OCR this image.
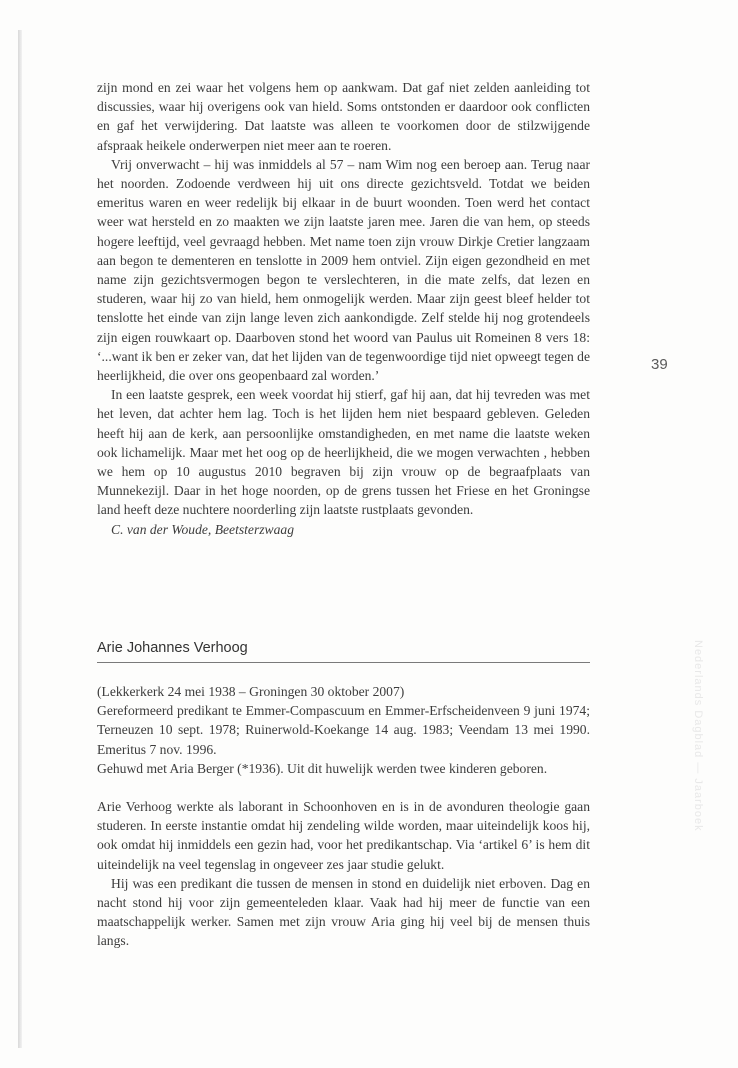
Nederlands Dagblad — Jaarboek
39

zijn mond en zei waar het volgens hem op aankwam. Dat gaf niet zelden aanleiding tot discussies, waar hij overigens ook van hield. Soms ontstonden er daardoor ook conflicten en gaf het verwijdering. Dat laatste was alleen te voorkomen door de stilzwijgende afspraak heikele onderwerpen niet meer aan te roeren.

Vrij onverwacht – hij was inmiddels al 57 – nam Wim nog een beroep aan. Terug naar het noorden. Zodoende verdween hij uit ons directe gezichtsveld. Totdat we beiden emeritus waren en weer redelijk bij elkaar in de buurt woonden. Toen werd het contact weer wat hersteld en zo maakten we zijn laatste jaren mee. Jaren die van hem, op steeds hogere leeftijd, veel gevraagd hebben. Met name toen zijn vrouw Dirkje Cretier langzaam aan begon te dementeren en tenslotte in 2009 hem ontviel. Zijn eigen gezondheid en met name zijn gezichtsvermogen begon te verslechteren, in die mate zelfs, dat lezen en studeren, waar hij zo van hield, hem onmogelijk werden. Maar zijn geest bleef helder tot tenslotte het einde van zijn lange leven zich aankondigde. Zelf stelde hij nog grotendeels zijn eigen rouwkaart op. Daarboven stond het woord van Paulus uit Romeinen 8 vers 18: ‘...want ik ben er zeker van, dat het lijden van de tegenwoordige tijd niet opweegt tegen de heerlijkheid, die over ons geopenbaard zal worden.’

In een laatste gesprek, een week voordat hij stierf, gaf hij aan, dat hij tevreden was met het leven, dat achter hem lag. Toch is het lijden hem niet bespaard gebleven. Geleden heeft hij aan de kerk, aan persoonlijke omstandigheden, en met name die laatste weken ook lichamelijk. Maar met het oog op de heerlijkheid, die we mogen verwachten , hebben we hem op 10 augustus 2010 begraven bij zijn vrouw op de begraafplaats van Munnekezijl. Daar in het hoge noorden, op de grens tussen het Friese en het Groningse land heeft deze nuchtere noorderling zijn laatste rustplaats gevonden.

C. van der Woude, Beetsterzwaag

Arie Johannes Verhoog

(Lekkerkerk 24 mei 1938 – Groningen 30 oktober 2007)

Gereformeerd predikant te Emmer-Compascuum en Emmer-Erfscheidenveen 9 juni 1974; Terneuzen 10 sept. 1978; Ruinerwold-Koekange 14 aug. 1983; Veendam 13 mei 1990. Emeritus 7 nov. 1996.

Gehuwd met Aria Berger (*1936). Uit dit huwelijk werden twee kinderen geboren.

Arie Verhoog werkte als laborant in Schoonhoven en is in de avonduren theologie gaan studeren. In eerste instantie omdat hij zendeling wilde worden, maar uiteindelijk koos hij, ook omdat hij inmiddels een gezin had, voor het predikantschap. Via ‘artikel 6’ is hem dit uiteindelijk na veel tegenslag in ongeveer zes jaar studie gelukt.

Hij was een predikant die tussen de mensen in stond en duidelijk niet erboven. Dag en nacht stond hij voor zijn gemeenteleden klaar. Vaak had hij meer de functie van een maatschappelijk werker. Samen met zijn vrouw Aria ging hij veel bij de mensen thuis langs.
